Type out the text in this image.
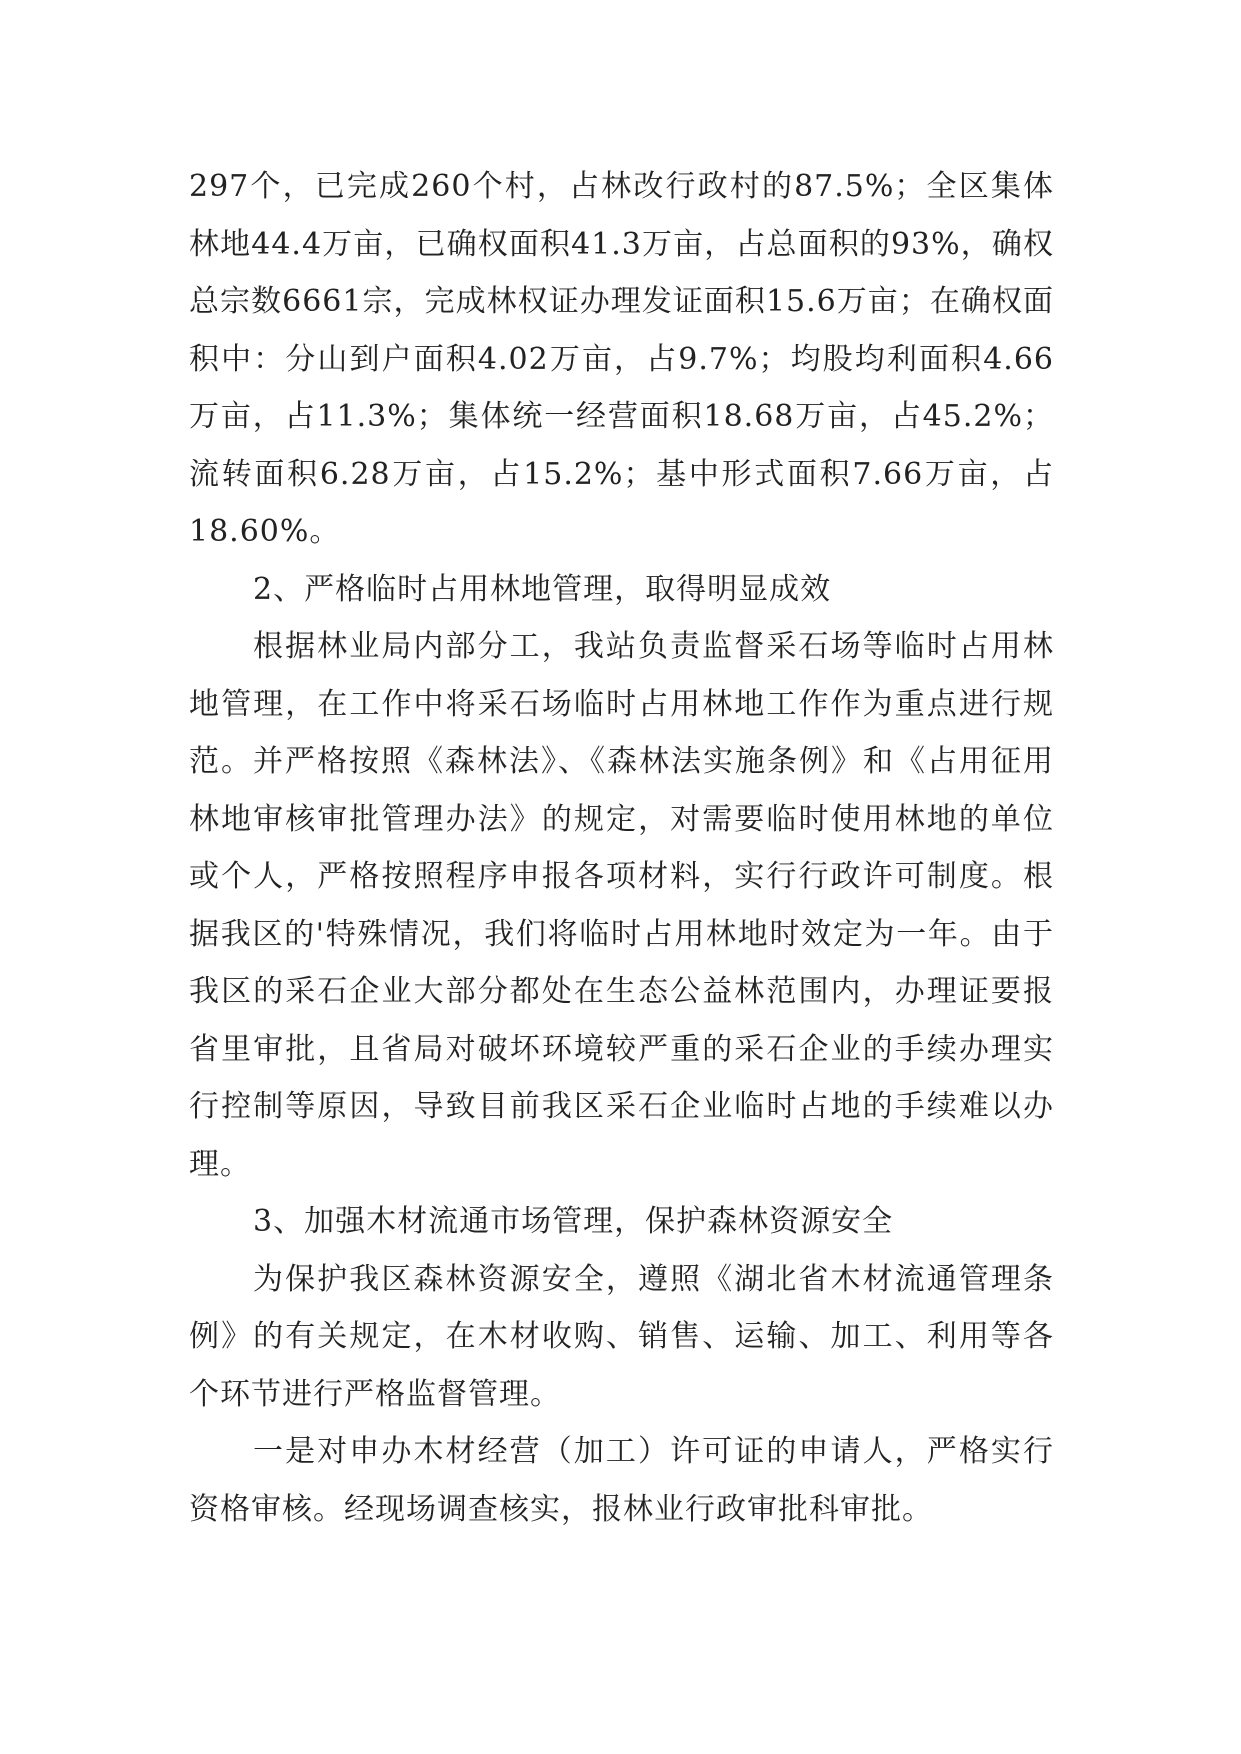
297个，已完成260个村，占林改行政村的87.5%；全区集体林地44.4万亩，已确权面积41.3万亩，占总面积的93%，确权总宗数6661宗，完成林权证办理发证面积15.6万亩；在确权面积中：分山到户面积4.02万亩，占9.7%；均股均利面积4.66万亩，占11.3%；集体统一经营面积18.68万亩，占45.2%；流转面积6.28万亩，占15.2%；基中形式面积7.66万亩，占18.60%。

2、严格临时占用林地管理，取得明显成效

根据林业局内部分工，我站负责监督采石场等临时占用林地管理，在工作中将采石场临时占用林地工作作为重点进行规范。并严格按照《森林法》、《森林法实施条例》和《占用征用林地审核审批管理办法》的规定，对需要临时使用林地的单位或个人，严格按照程序申报各项材料，实行行政许可制度。根据我区的'特殊情况，我们将临时占用林地时效定为一年。由于我区的采石企业大部分都处在生态公益林范围内，办理证要报省里审批，且省局对破坏环境较严重的采石企业的手续办理实行控制等原因，导致目前我区采石企业临时占地的手续难以办理。

3、加强木材流通市场管理，保护森林资源安全

为保护我区森林资源安全，遵照《湖北省木材流通管理条例》的有关规定，在木材收购、销售、运输、加工、利用等各个环节进行严格监督管理。

一是对申办木材经营（加工）许可证的申请人，严格实行资格审核。经现场调查核实，报林业行政审批科审批。
